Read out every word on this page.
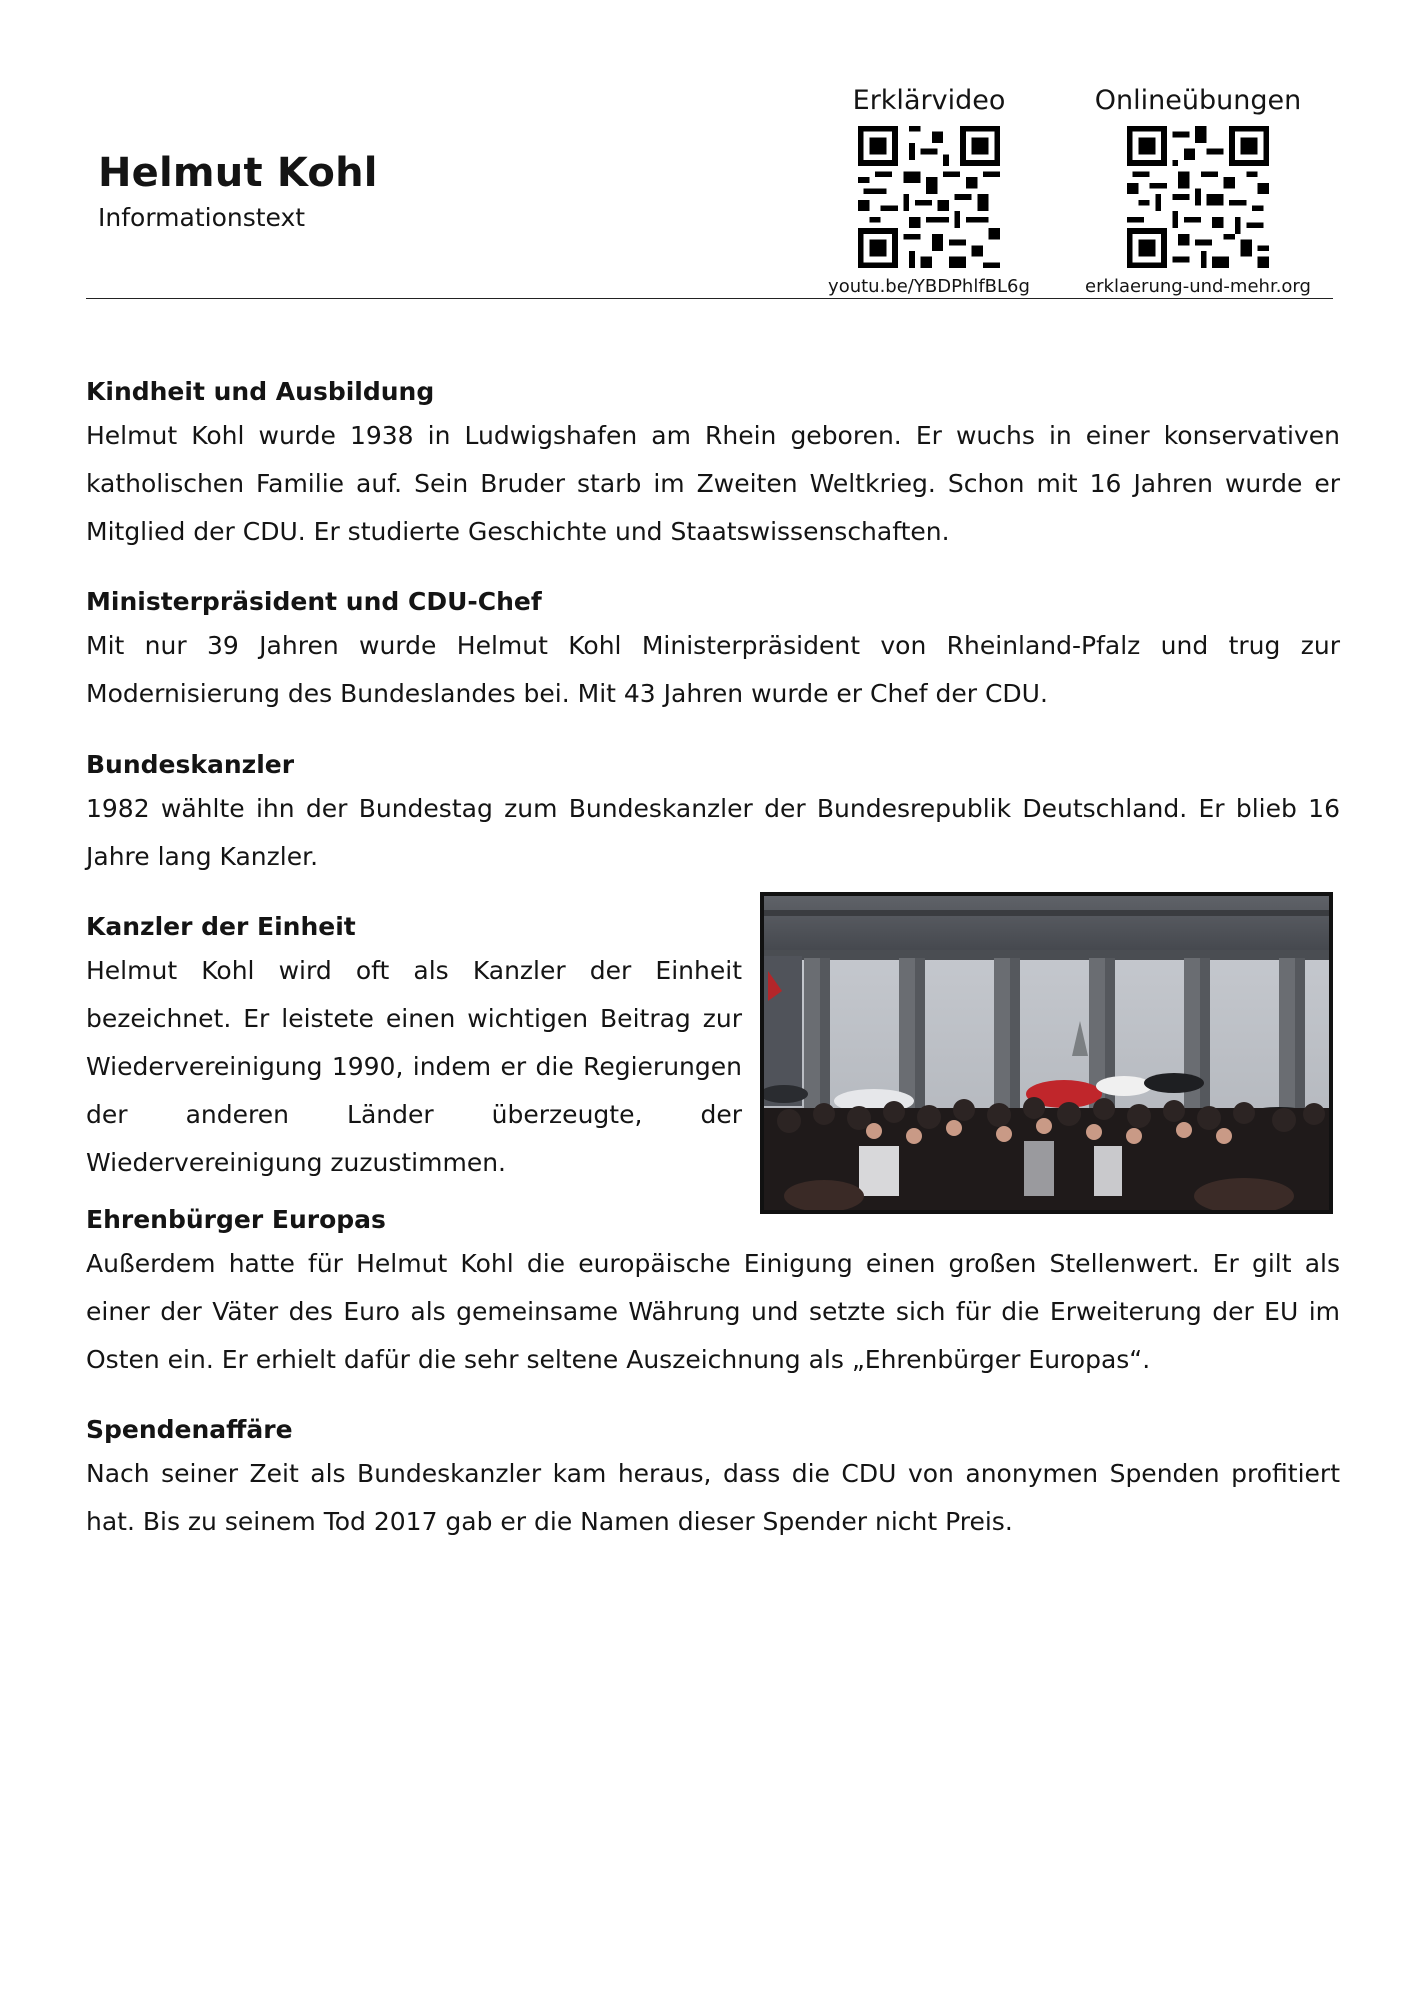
Helmut Kohl
Informationstext
Erklärvideo
youtu.be/YBDPhlfBL6g
Onlineübungen
erklaerung-und-mehr.org
Kindheit und Ausbildung
Helmut Kohl wurde 1938 in Ludwigshafen am Rhein geboren. Er wuchs in einer konservativen katholischen Familie auf. Sein Bruder starb im Zweiten Weltkrieg. Schon mit 16 Jahren wurde er Mitglied der CDU. Er studierte Geschichte und Staatswissenschaften.
Ministerpräsident und CDU-Chef
Mit nur 39 Jahren wurde Helmut Kohl Ministerpräsident von Rheinland-Pfalz und trug zur Modernisierung des Bundeslandes bei. Mit 43 Jahren wurde er Chef der CDU.
Bundeskanzler
1982 wählte ihn der Bundestag zum Bundeskanzler der Bundesrepublik Deutschland. Er blieb 16 Jahre lang Kanzler.
Kanzler der Einheit
Helmut Kohl wird oft als Kanzler der Einheit bezeichnet. Er leistete einen wichtigen Beitrag zur Wiedervereinigung 1990, indem er die Regierungen der anderen Länder überzeugte, der Wiedervereinigung zuzustimmen.
Ehrenbürger Europas
Außerdem hatte für Helmut Kohl die europäische Einigung einen großen Stellenwert. Er gilt als einer der Väter des Euro als gemeinsame Währung und setzte sich für die Erweiterung der EU im Osten ein. Er erhielt dafür die sehr seltene Auszeichnung als „Ehrenbürger Europas“.
Spendenaffäre
Nach seiner Zeit als Bundeskanzler kam heraus, dass die CDU von anonymen Spenden profitiert hat. Bis zu seinem Tod 2017 gab er die Namen dieser Spender nicht Preis.
